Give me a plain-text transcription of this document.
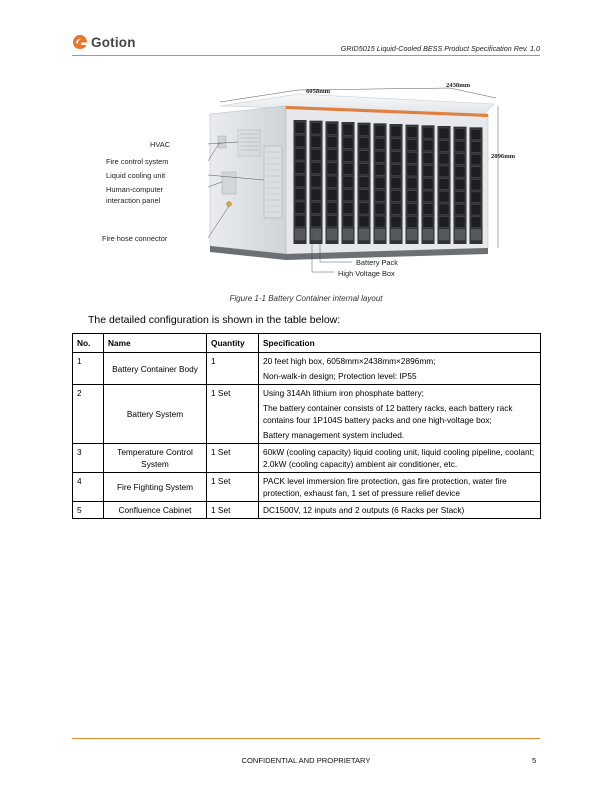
Gotion	GRID5015 Liquid-Cooled BESS Product Specification Rev. 1.0
6058mm
2438mm
2896mm
HVAC
Fire control system
Liquid cooling unit
Human-computer
interaction panel
Fire hose connector
Battery Pack
High Voltage Box
Figure 1-1 Battery Container internal layout
The detailed configuration is shown in the table below:
No.	Name	Quantity	Specification
1	Battery Container Body	1	20 feet high box, 6058mm×2438mm×2896mm;
Non-walk-in design; Protection level: IP55

2	Battery System	1 Set	Using 314Ah lithium iron phosphate battery;
The battery container consists of 12 battery racks, each battery rack contains four 1P104S battery packs and one high-voltage box;
Battery management system included.

3	Temperature Control System	1 Set	60kW (cooling capacity) liquid cooling unit, liquid cooling pipeline, coolant; 2.0kW (cooling capacity) ambient air conditioner, etc.

4	Fire Fighting System	1 Set	PACK level immersion fire protection, gas fire protection, water fire protection, exhaust fan, 1 set of pressure relief device

5	Confluence Cabinet	1 Set	DC1500V, 12 inputs and 2 outputs (6 Racks per Stack)
CONFIDENTIAL AND PROPRIETARY	5
